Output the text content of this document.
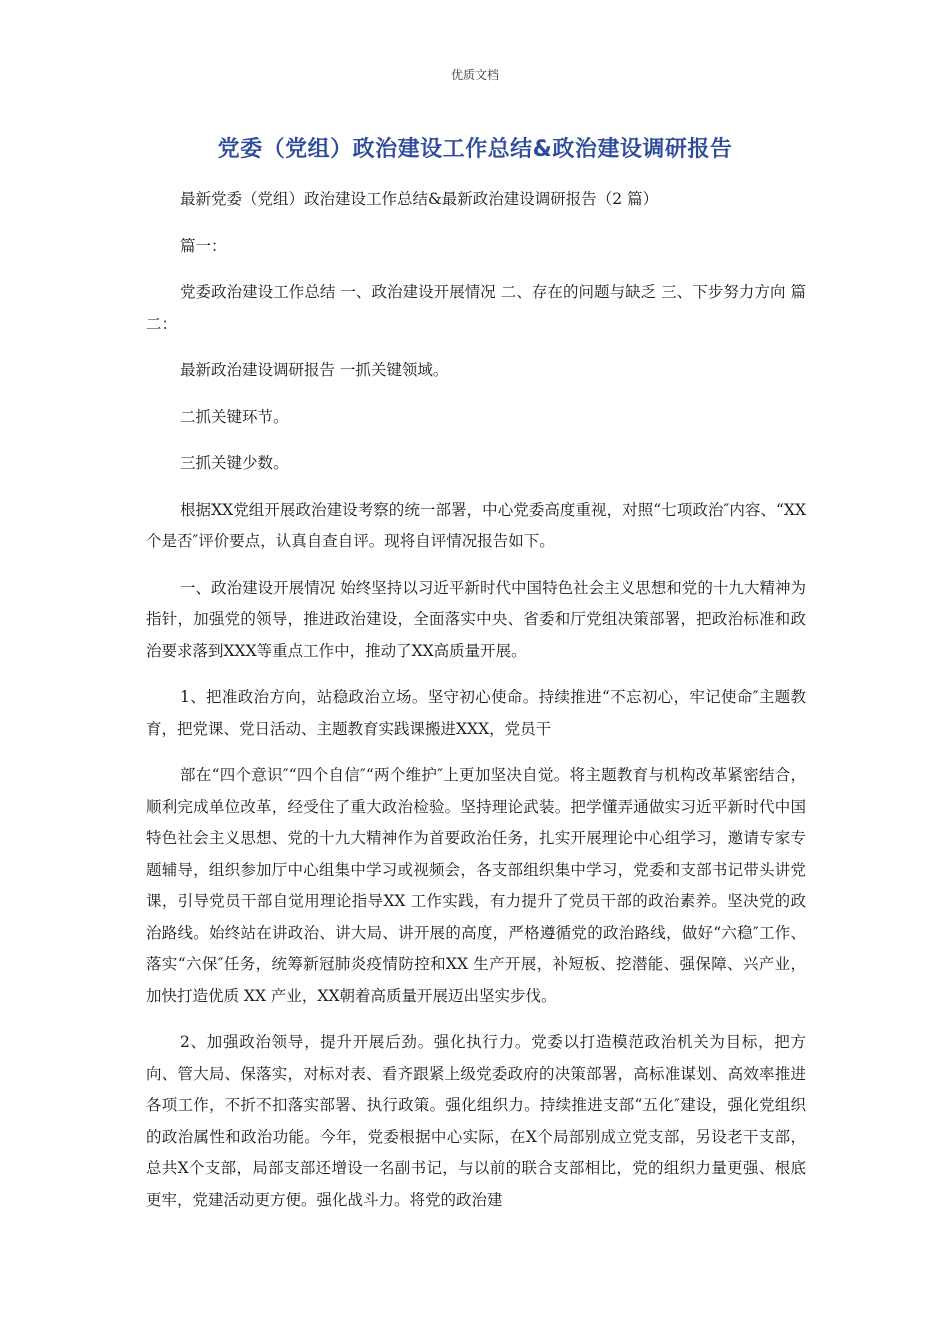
优质文档
党委（党组）政治建设工作总结&政治建设调研报告

最新党委（党组）政治建设工作总结&最新政治建设调研报告（2 篇）

篇一：

党委政治建设工作总结 一、政治建设开展情况 二、存在的问题与缺乏 三、下步努力方向 篇二：

最新政治建设调研报告 一抓关键领域。

二抓关键环节。

三抓关键少数。

根据XX党组开展政治建设考察的统一部署，中心党委高度重视，对照“七项政治″内容、“XX个是否″评价要点，认真自查自评。现将自评情况报告如下。

一、政治建设开展情况 始终坚持以习近平新时代中国特色社会主义思想和党的十九大精神为指针，加强党的领导，推进政治建设，全面落实中央、省委和厅党组决策部署，把政治标准和政治要求落到XXX等重点工作中，推动了XX高质量开展。

1、把准政治方向，站稳政治立场。坚守初心使命。持续推进“不忘初心，牢记使命″主题教育，把党课、党日活动、主题教育实践课搬进XXX，党员干

部在“四个意识″“四个自信″“两个维护″上更加坚决自觉。将主题教育与机构改革紧密结合，顺利完成单位改革，经受住了重大政治检验。坚持理论武装。把学懂弄通做实习近平新时代中国特色社会主义思想、党的十九大精神作为首要政治任务，扎实开展理论中心组学习，邀请专家专题辅导，组织参加厅中心组集中学习或视频会，各支部组织集中学习，党委和支部书记带头讲党课，引导党员干部自觉用理论指导XX 工作实践，有力提升了党员干部的政治素养。坚决党的政治路线。始终站在讲政治、讲大局、讲开展的高度，严格遵循党的政治路线，做好“六稳″工作、落实“六保″任务，统筹新冠肺炎疫情防控和XX 生产开展，补短板、挖潜能、强保障、兴产业，加快打造优质 XX 产业，XX朝着高质量开展迈出坚实步伐。

2、加强政治领导，提升开展后劲。强化执行力。党委以打造模范政治机关为目标，把方向、管大局、保落实，对标对表、看齐跟紧上级党委政府的决策部署，高标准谋划、高效率推进各项工作，不折不扣落实部署、执行政策。强化组织力。持续推进支部“五化″建设，强化党组织的政治属性和政治功能。今年，党委根据中心实际，在X个局部别成立党支部，另设老干支部，总共X个支部，局部支部还增设一名副书记，与以前的联合支部相比，党的组织力量更强、根底更牢，党建活动更方便。强化战斗力。将党的政治建
